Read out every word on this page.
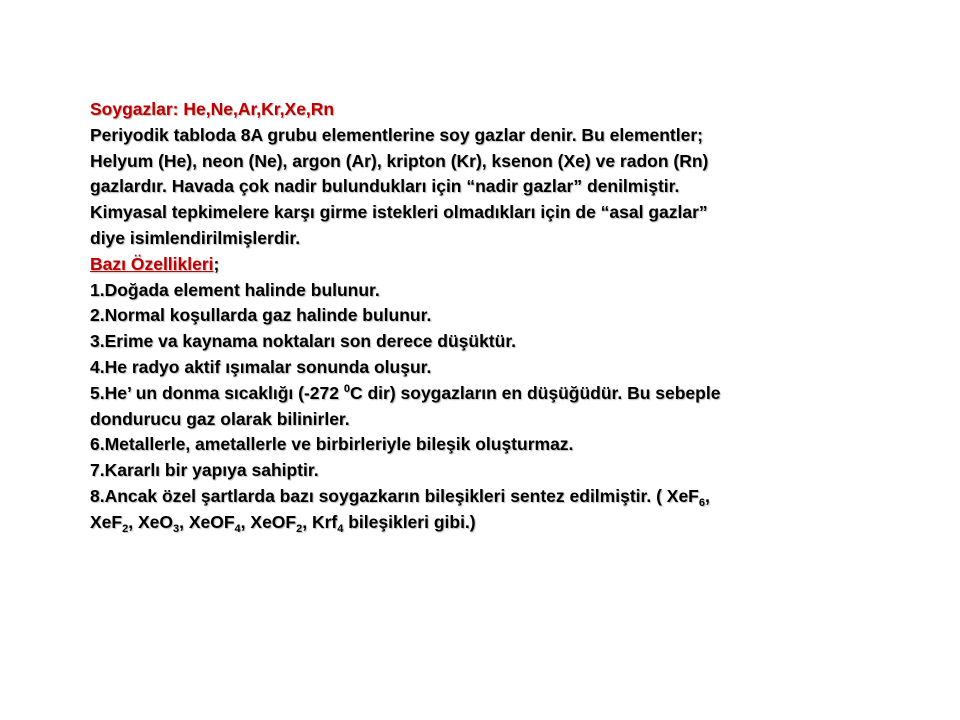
Soygazlar: He,Ne,Ar,Kr,Xe,Rn
Periyodik tabloda 8A grubu elementlerine soy gazlar denir. Bu elementler;
Helyum (He), neon (Ne), argon (Ar), kripton (Kr), ksenon (Xe) ve radon (Rn)
gazlardır. Havada çok nadir bulundukları için “nadir gazlar” denilmiştir.
Kimyasal tepkimelere karşı girme istekleri olmadıkları için de “asal gazlar”
diye isimlendirilmişlerdir.
Bazı Özellikleri;
1.Doğada element halinde bulunur.
2.Normal koşullarda gaz halinde bulunur.
3.Erime va kaynama noktaları son derece düşüktür.
4.He radyo aktif ışımalar sonunda oluşur.
5.He’ un donma sıcaklığı (-272 $^0$C dir) soygazların en düşüğüdür. Bu sebeple
dondurucu gaz olarak bilinirler.
6.Metallerle, ametallerle ve birbirleriyle bileşik oluşturmaz.
7.Kararlı bir yapıya sahiptir.
8.Ancak özel şartlarda bazı soygazkarın bileşikleri sentez edilmiştir. ( XeF$_6$,
XeF$_2$, XeO$_3$, XeOF$_4$, XeOF$_2$, Krf$_4$ bileşikleri gibi.)
